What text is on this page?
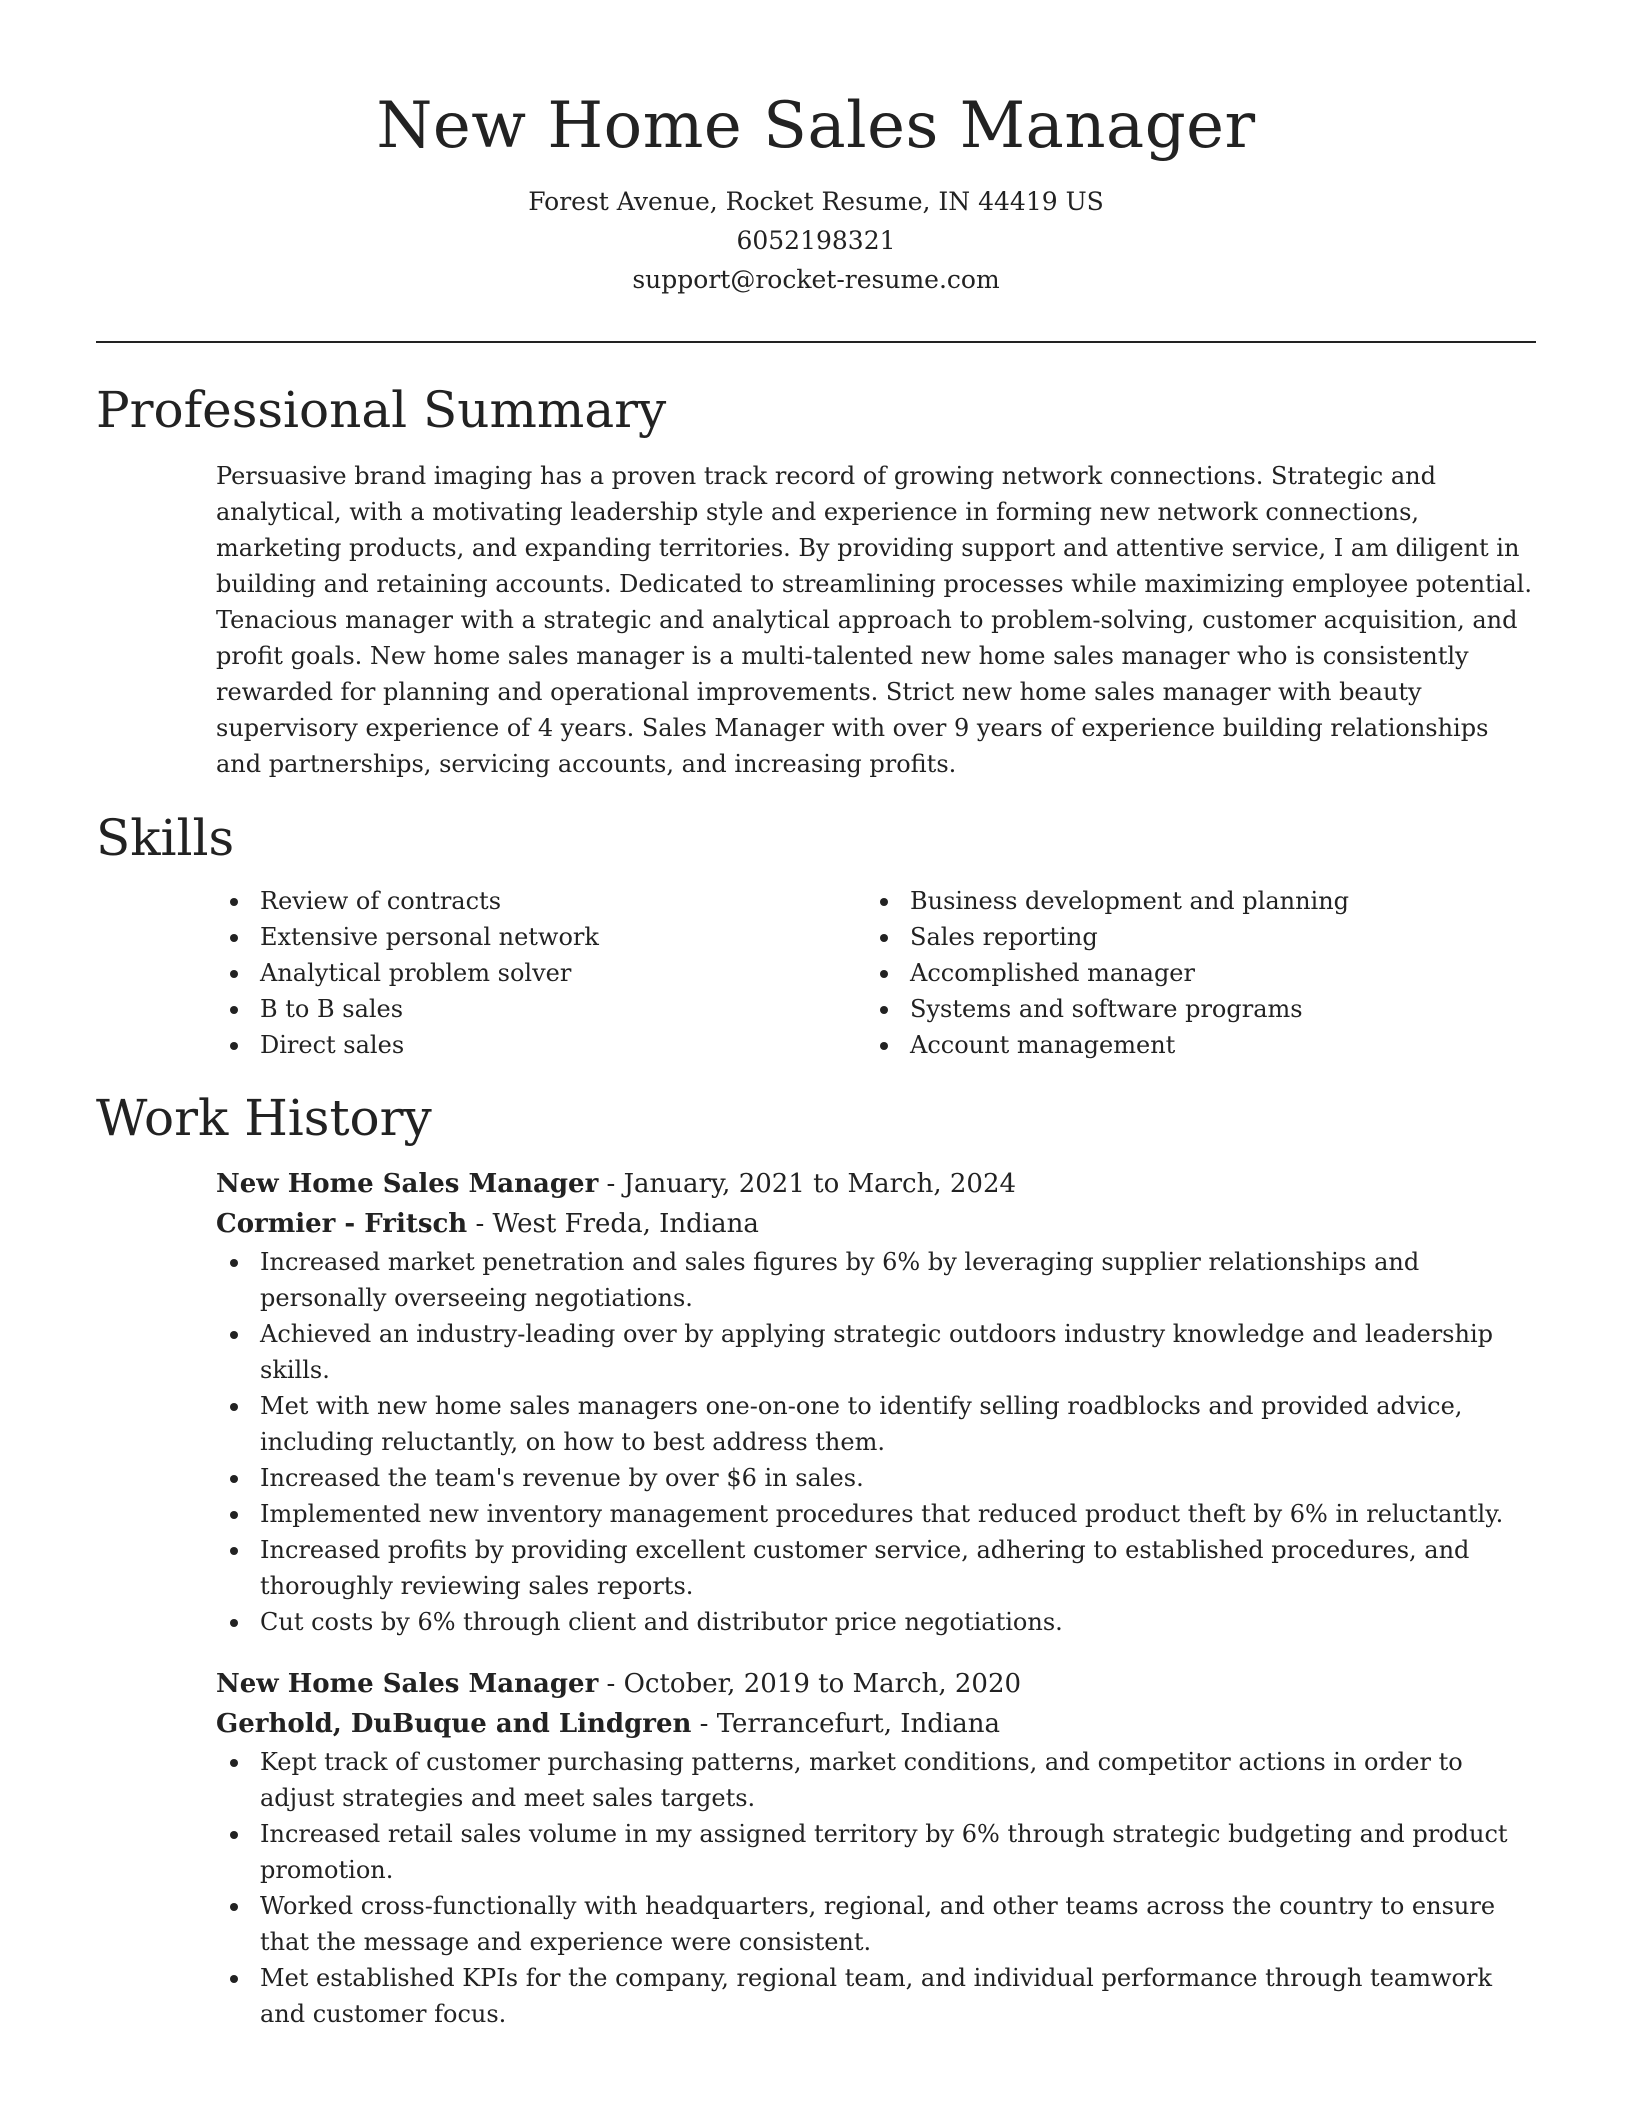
New Home Sales Manager
Forest Avenue, Rocket Resume, IN 44419 US
6052198321
support@rocket-resume.com
Professional Summary

Persuasive brand imaging has a proven track record of growing network connections. Strategic and analytical, with a motivating leadership style and experience in forming new network connections, marketing products, and expanding territories. By providing support and attentive service, I am diligent in building and retaining accounts. Dedicated to streamlining processes while maximizing employee potential. Tenacious manager with a strategic and analytical approach to problem-solving, customer acquisition, and profit goals. New home sales manager is a multi-talented new home sales manager who is consistently rewarded for planning and operational improvements. Strict new home sales manager with beauty supervisory experience of 4 years. Sales Manager with over 9 years of experience building relationships and partnerships, servicing accounts, and increasing profits.

Skills
Review of contracts
Extensive personal network
Analytical problem solver
B to B sales
Direct sales
Business development and planning
Sales reporting
Accomplished manager
Systems and software programs
Account management
Work History

New Home Sales Manager - January, 2021 to March, 2024

Cormier - Fritsch - West Freda, Indiana

Increased market penetration and sales figures by 6% by leveraging supplier relationships and personally overseeing negotiations.
Achieved an industry-leading over by applying strategic outdoors industry knowledge and leadership skills.
Met with new home sales managers one-on-one to identify selling roadblocks and provided advice, including reluctantly, on how to best address them.
Increased the team's revenue by over $6 in sales.
Implemented new inventory management procedures that reduced product theft by 6% in reluctantly.
Increased profits by providing excellent customer service, adhering to established procedures, and thoroughly reviewing sales reports.
Cut costs by 6% through client and distributor price negotiations.

New Home Sales Manager - October, 2019 to March, 2020

Gerhold, DuBuque and Lindgren - Terrancefurt, Indiana

Kept track of customer purchasing patterns, market conditions, and competitor actions in order to adjust strategies and meet sales targets.
Increased retail sales volume in my assigned territory by 6% through strategic budgeting and product promotion.
Worked cross-functionally with headquarters, regional, and other teams across the country to ensure that the message and experience were consistent.
Met established KPIs for the company, regional team, and individual performance through teamwork and customer focus.
